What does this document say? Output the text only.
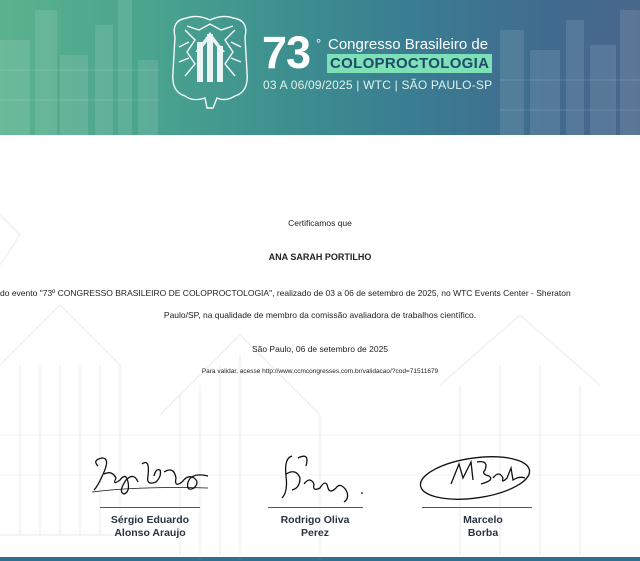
73 ° Congresso Brasileiro de
COLOPROCTOLOGIA
03 A 06/09/2025 | WTC | SÃO PAULO-SP
Certificamos que
ANA SARAH PORTILHO
do evento "73º CONGRESSO BRASILEIRO DE COLOPROCTOLOGIA", realizado de 03 a 06 de setembro de 2025, no WTC Events Center - Sheraton
Paulo/SP, na qualidade de membro da comissão avaliadora de trabalhos científico.
São Paulo, 06 de setembro de 2025
Para validar, acesse http://www.ccmcongresses.com.br/validacao/?cod=71511679
Sérgio Eduardo
Alonso Araujo
Rodrigo Oliva
Perez
Marcelo
Borba
